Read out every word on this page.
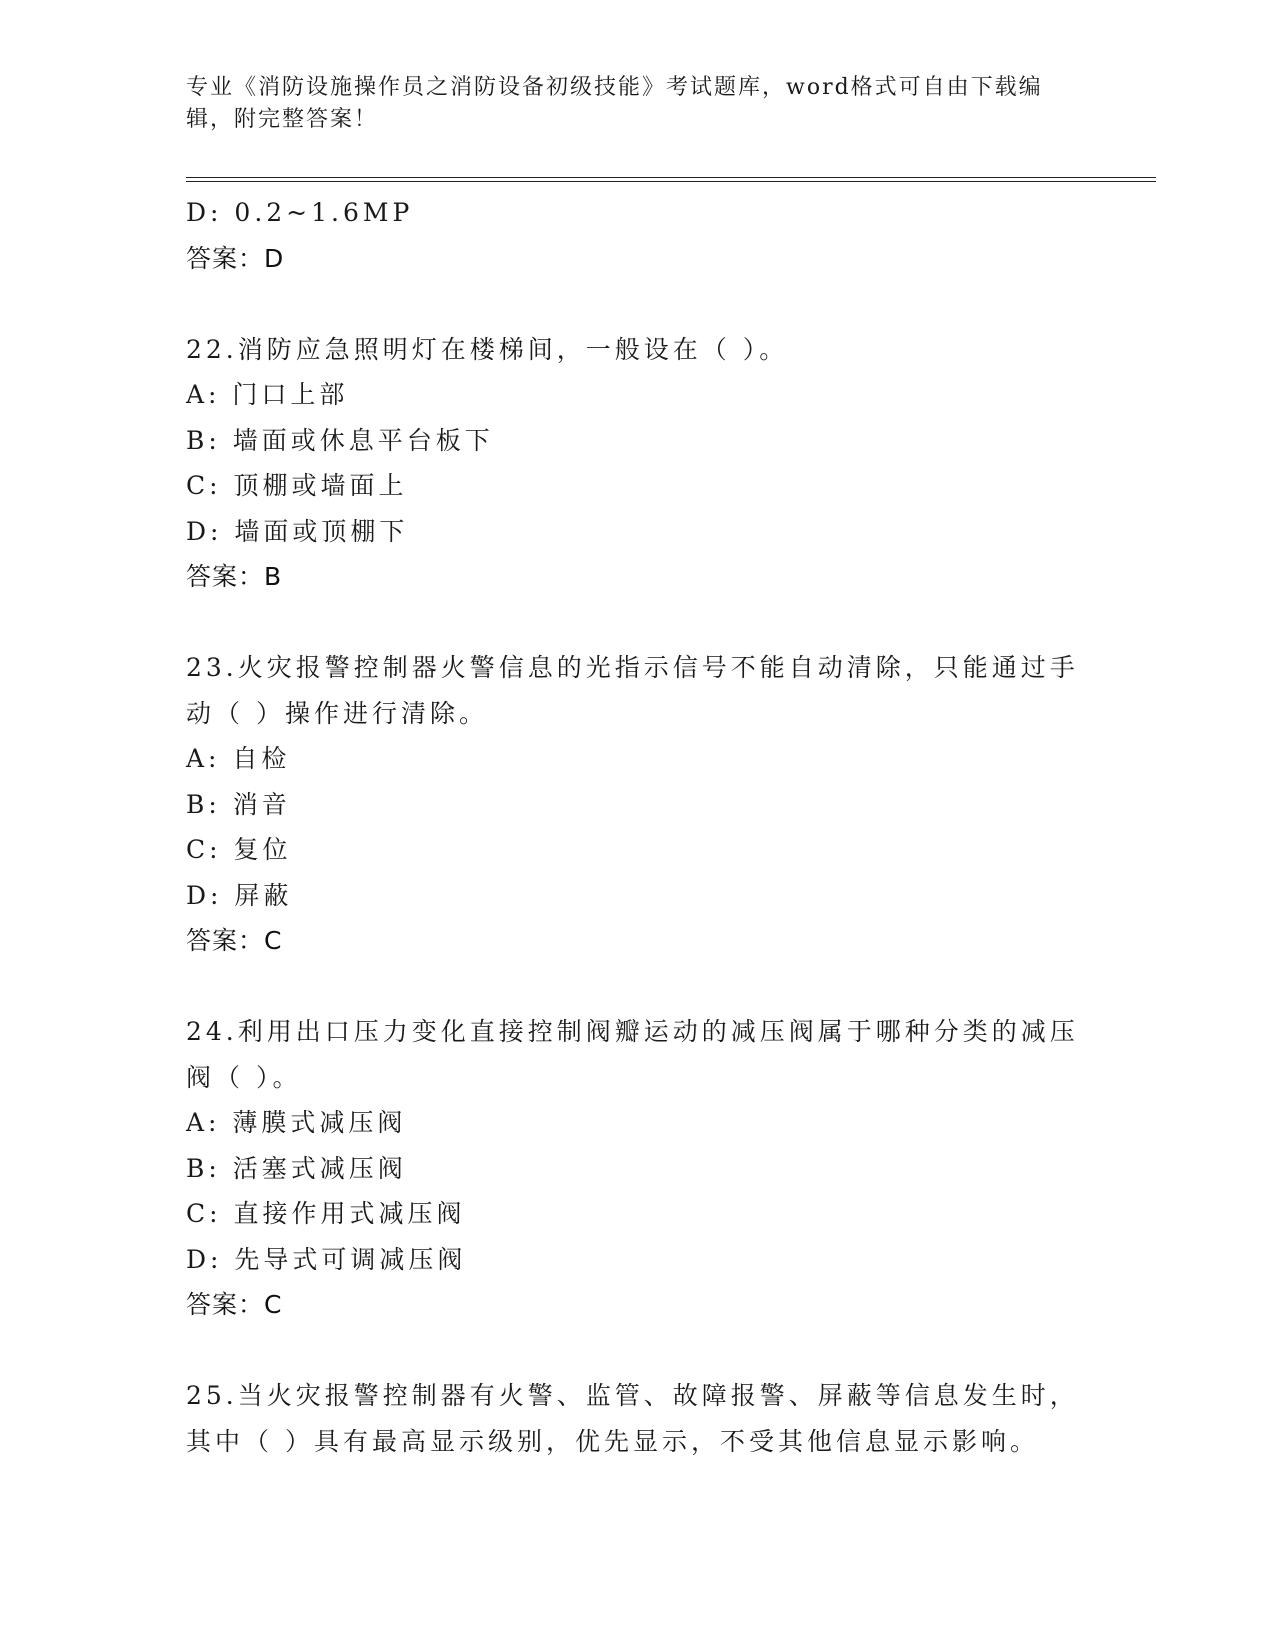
专业《消防设施操作员之消防设备初级技能》考试题库，word格式可自由下载编辑，附完整答案！
D: 0.2~1.6MP
答案：D
22.消防应急照明灯在楼梯间，一般设在（ ）。
A: 门口上部
B: 墙面或休息平台板下
C: 顶棚或墙面上
D: 墙面或顶棚下
答案：B
23.火灾报警控制器火警信息的光指示信号不能自动清除，只能通过手
动（ ）操作进行清除。
A: 自检
B: 消音
C: 复位
D: 屏蔽
答案：C
24.利用出口压力变化直接控制阀瓣运动的减压阀属于哪种分类的减压
阀（ ）。
A: 薄膜式减压阀
B: 活塞式减压阀
C: 直接作用式减压阀
D: 先导式可调减压阀
答案：C
25.当火灾报警控制器有火警、监管、故障报警、屏蔽等信息发生时，
其中（ ）具有最高显示级别，优先显示，不受其他信息显示影响。
